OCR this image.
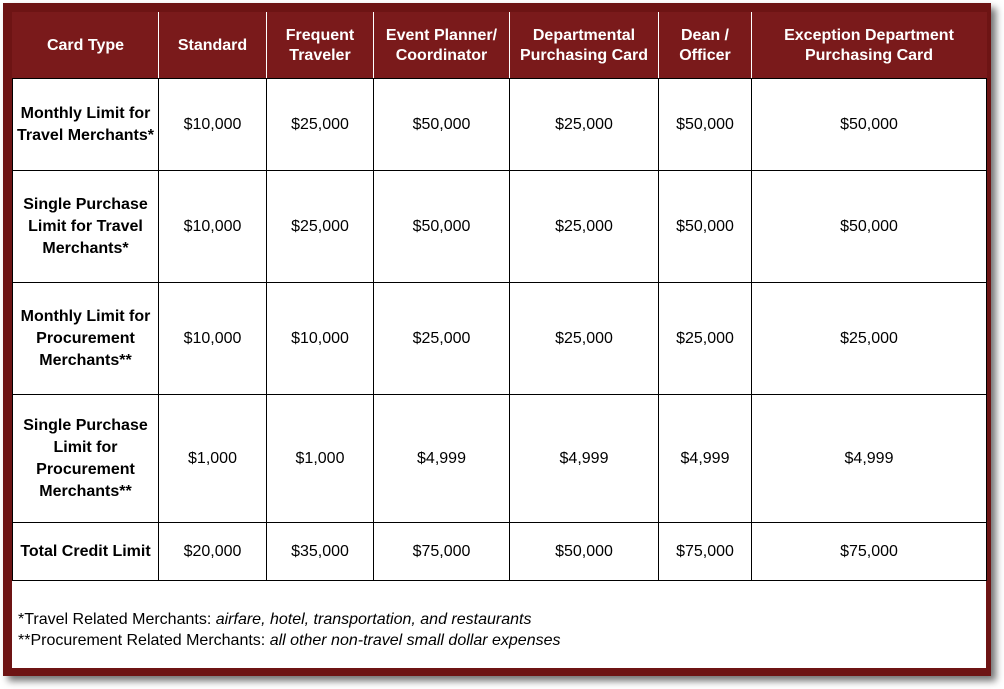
Card Type	Standard	Frequent Traveler	Event Planner/ Coordinator	Departmental Purchasing Card	Dean / Officer	Exception Department Purchasing Card
Monthly Limit for Travel Merchants*	$10,000	$25,000	$50,000	$25,000	$50,000	$50,000
Single Purchase Limit for Travel Merchants*	$10,000	$25,000	$50,000	$25,000	$50,000	$50,000
Monthly Limit for Procurement Merchants**	$10,000	$10,000	$25,000	$25,000	$25,000	$25,000
Single Purchase Limit for Procurement Merchants**	$1,000	$1,000	$4,999	$4,999	$4,999	$4,999
Total Credit Limit	$20,000	$35,000	$75,000	$50,000	$75,000	$75,000
*Travel Related Merchants: airfare, hotel, transportation, and restaurants
**Procurement Related Merchants: all other non-travel small dollar expenses
